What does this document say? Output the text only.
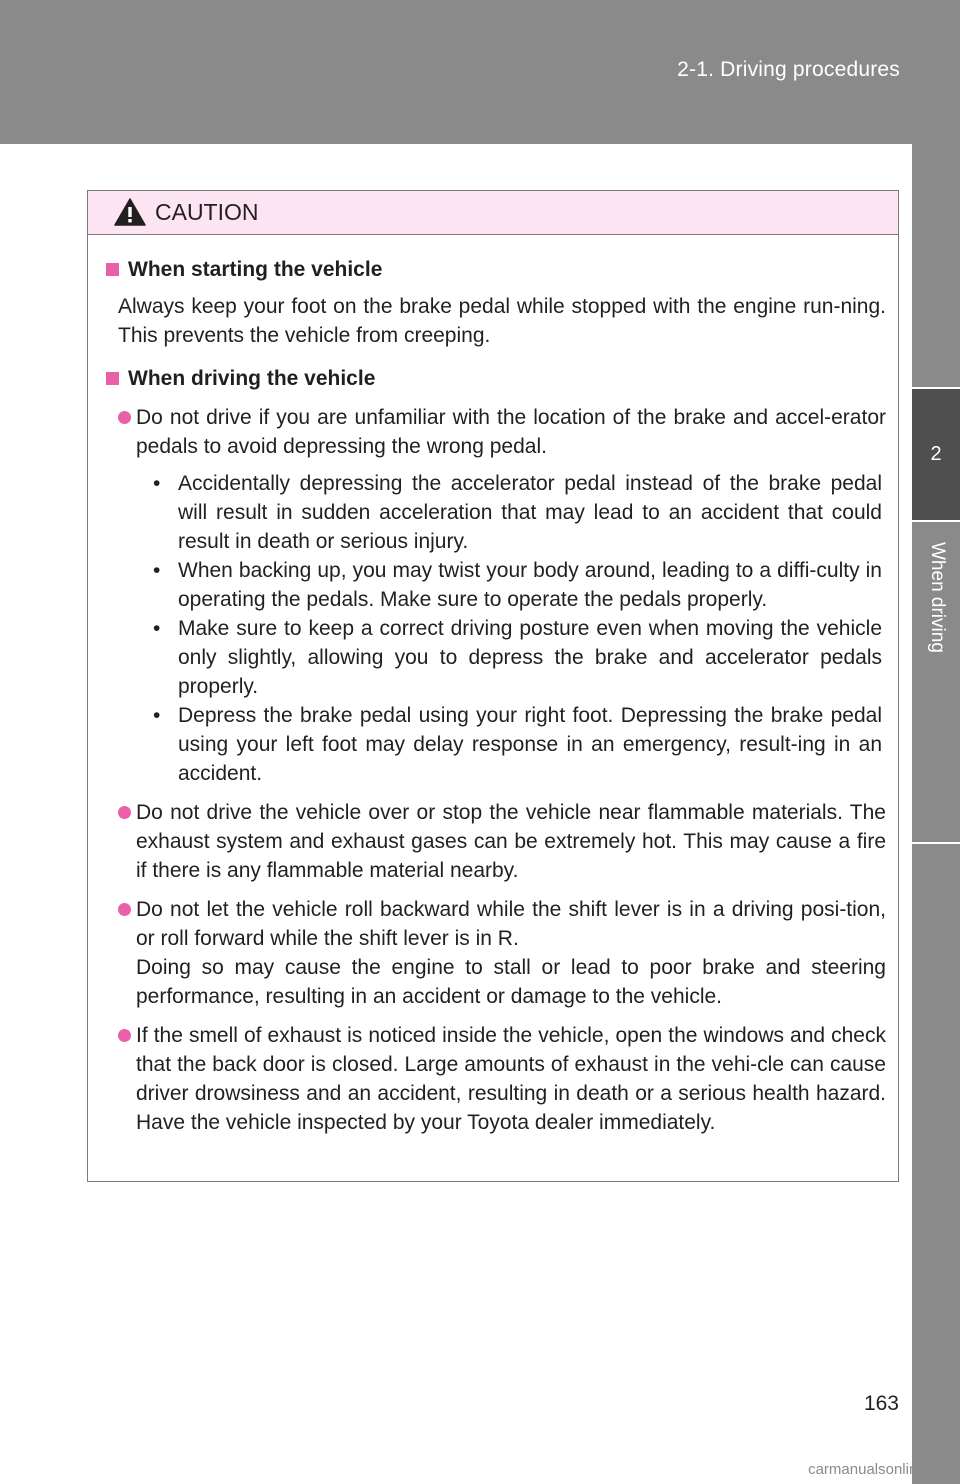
2-1. Driving procedures
2
When driving
CAUTION
When starting the vehicle
Always keep your foot on the brake pedal while stopped with the engine run-ning. This prevents the vehicle from creeping.
When driving the vehicle
Do not drive if you are unfamiliar with the location of the brake and accel-erator pedals to avoid depressing the wrong pedal.
• Accidentally depressing the accelerator pedal instead of the brake pedal will result in sudden acceleration that may lead to an accident that could result in death or serious injury.
• When backing up, you may twist your body around, leading to a diffi-culty in operating the pedals. Make sure to operate the pedals properly.
• Make sure to keep a correct driving posture even when moving the vehicle only slightly, allowing you to depress the brake and accelerator pedals properly.
• Depress the brake pedal using your right foot. Depressing the brake pedal using your left foot may delay response in an emergency, result-ing in an accident.
Do not drive the vehicle over or stop the vehicle near flammable materials. The exhaust system and exhaust gases can be extremely hot. This may cause a fire if there is any flammable material nearby.
Do not let the vehicle roll backward while the shift lever is in a driving posi-tion, or roll forward while the shift lever is in R.
Doing so may cause the engine to stall or lead to poor brake and steering performance, resulting in an accident or damage to the vehicle.
If the smell of exhaust is noticed inside the vehicle, open the windows and check that the back door is closed. Large amounts of exhaust in the vehi-cle can cause driver drowsiness and an accident, resulting in death or a serious health hazard. Have the vehicle inspected by your Toyota dealer immediately.
163
carmanualsonline.info
